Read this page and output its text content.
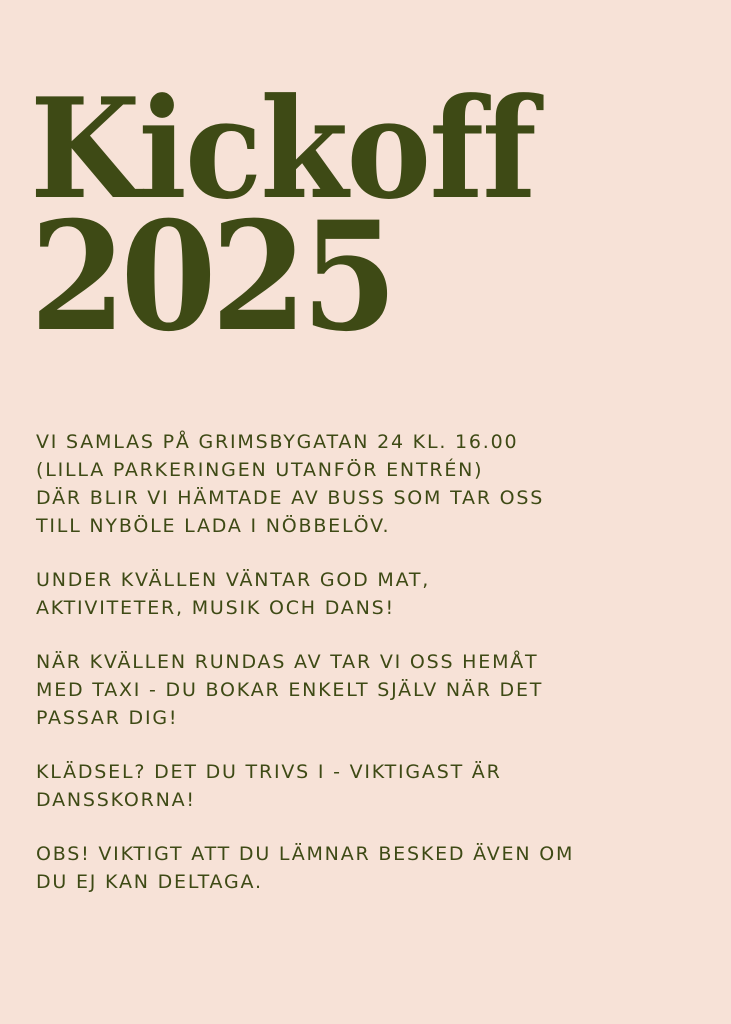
Kickoff
2025

VI SAMLAS PÅ GRIMSBYGATAN 24 KL. 16.00
(LILLA PARKERINGEN UTANFÖR ENTRÉN)
DÄR BLIR VI HÄMTADE AV BUSS SOM TAR OSS
TILL NYBÖLE LADA I NÖBBELÖV.

UNDER KVÄLLEN VÄNTAR GOD MAT,
AKTIVITETER, MUSIK OCH DANS!

NÄR KVÄLLEN RUNDAS AV TAR VI OSS HEMÅT
MED TAXI - DU BOKAR ENKELT SJÄLV NÄR DET
PASSAR DIG!

KLÄDSEL? DET DU TRIVS I - VIKTIGAST ÄR
DANSSKORNA!

OBS! VIKTIGT ATT DU LÄMNAR BESKED ÄVEN OM
DU EJ KAN DELTAGA.
